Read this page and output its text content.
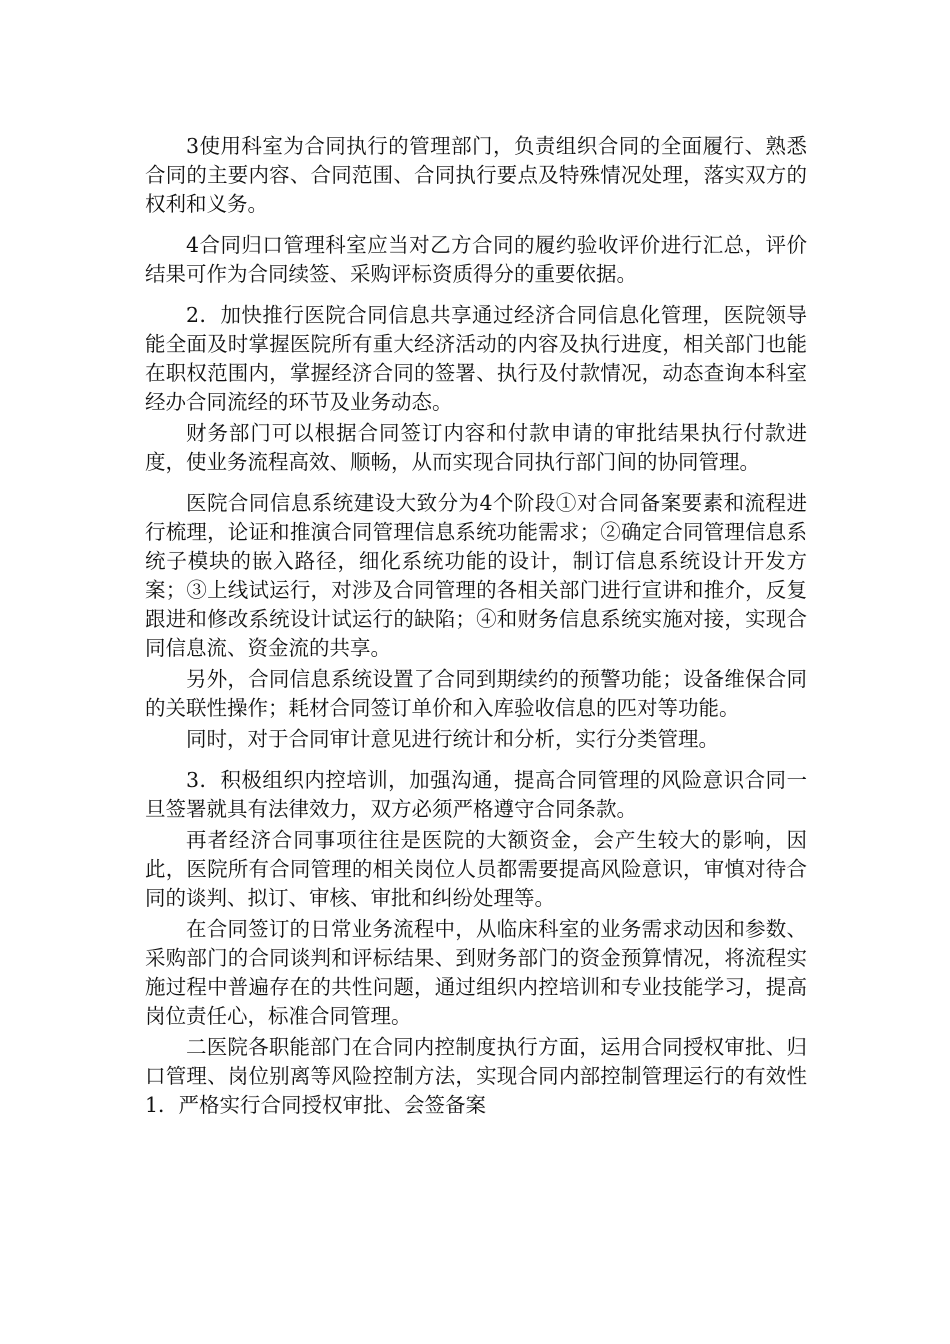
3使用科室为合同执行的管理部门，负责组织合同的全面履行、熟悉合同的主要内容、合同范围、合同执行要点及特殊情况处理，落实双方的权利和义务。

4合同归口管理科室应当对乙方合同的履约验收评价进行汇总，评价结果可作为合同续签、采购评标资质得分的重要依据。

2．加快推行医院合同信息共享通过经济合同信息化管理，医院领导能全面及时掌握医院所有重大经济活动的内容及执行进度，相关部门也能在职权范围内，掌握经济合同的签署、执行及付款情况，动态查询本科室经办合同流经的环节及业务动态。

财务部门可以根据合同签订内容和付款申请的审批结果执行付款进度，使业务流程高效、顺畅，从而实现合同执行部门间的协同管理。

医院合同信息系统建设大致分为4个阶段①对合同备案要素和流程进行梳理，论证和推演合同管理信息系统功能需求；②确定合同管理信息系统子模块的嵌入路径，细化系统功能的设计，制订信息系统设计开发方案；③上线试运行，对涉及合同管理的各相关部门进行宣讲和推介，反复跟进和修改系统设计试运行的缺陷；④和财务信息系统实施对接，实现合同信息流、资金流的共享。

另外，合同信息系统设置了合同到期续约的预警功能；设备维保合同的关联性操作；耗材合同签订单价和入库验收信息的匹对等功能。

同时，对于合同审计意见进行统计和分析，实行分类管理。

3．积极组织内控培训，加强沟通，提高合同管理的风险意识合同一旦签署就具有法律效力，双方必须严格遵守合同条款。

再者经济合同事项往往是医院的大额资金，会产生较大的影响，因此，医院所有合同管理的相关岗位人员都需要提高风险意识，审慎对待合同的谈判、拟订、审核、审批和纠纷处理等。

在合同签订的日常业务流程中，从临床科室的业务需求动因和参数、采购部门的合同谈判和评标结果、到财务部门的资金预算情况，将流程实施过程中普遍存在的共性问题，通过组织内控培训和专业技能学习，提高岗位责任心，标准合同管理。

二医院各职能部门在合同内控制度执行方面，运用合同授权审批、归口管理、岗位别离等风险控制方法，实现合同内部控制管理运行的有效性1．严格实行合同授权审批、会签备案
